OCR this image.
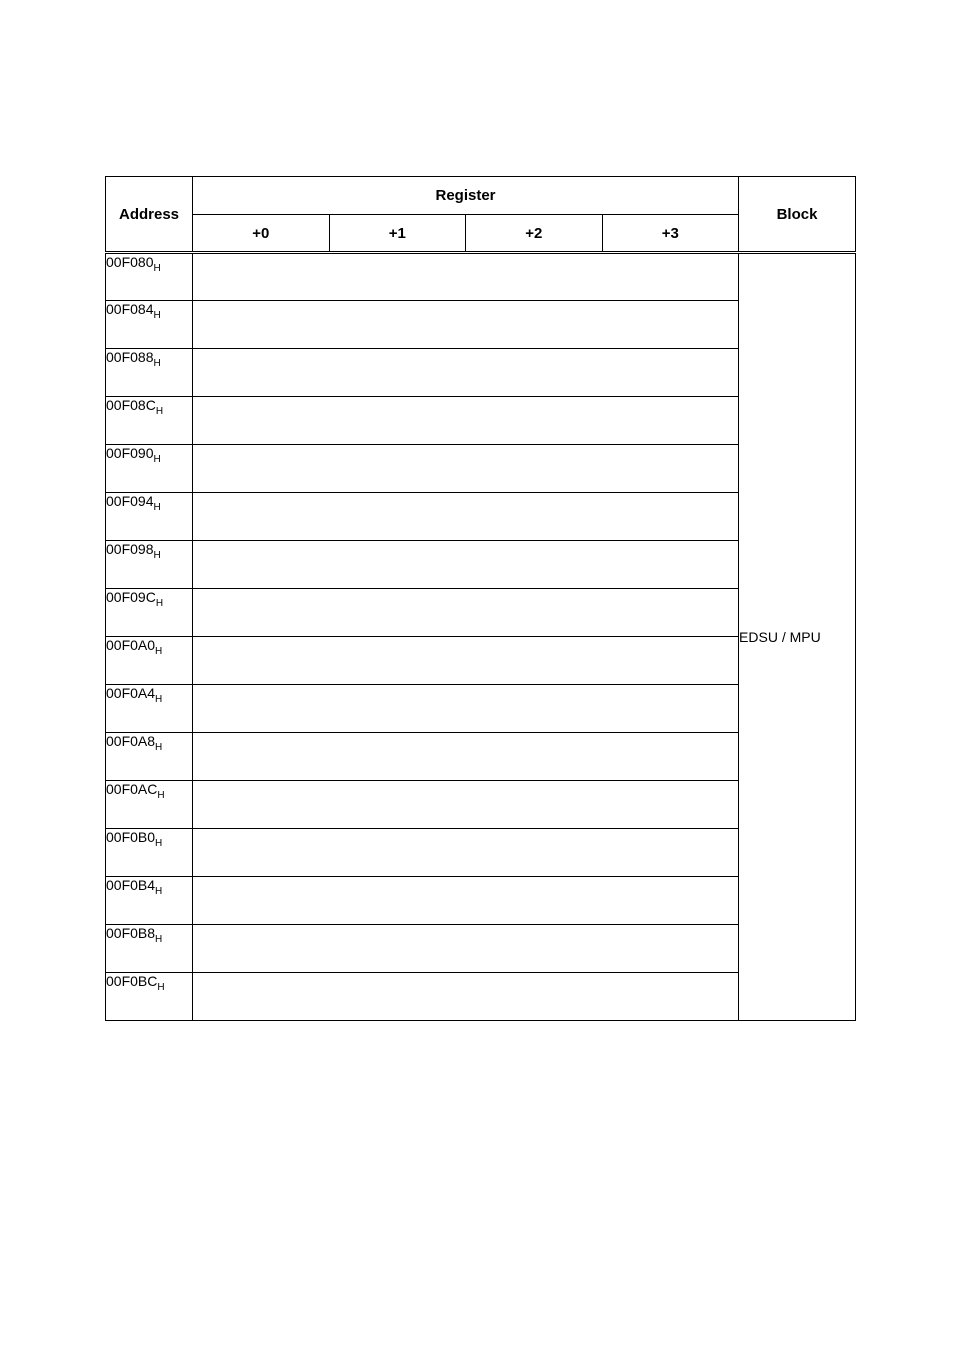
Address	Register				Block
	+0	+1	+2	+3	
$00F080_H$					EDSU / MPU
$00F084_H$	
$00F088_H$	
$00F08C_H$	
$00F090_H$	
$00F094_H$	
$00F098_H$	
$00F09C_H$	
$00F0A0_H$	
$00F0A4_H$	
$00F0A8_H$	
$00F0AC_H$	
$00F0B0_H$	
$00F0B4_H$	
$00F0B8_H$	
$00F0BC_H$	
